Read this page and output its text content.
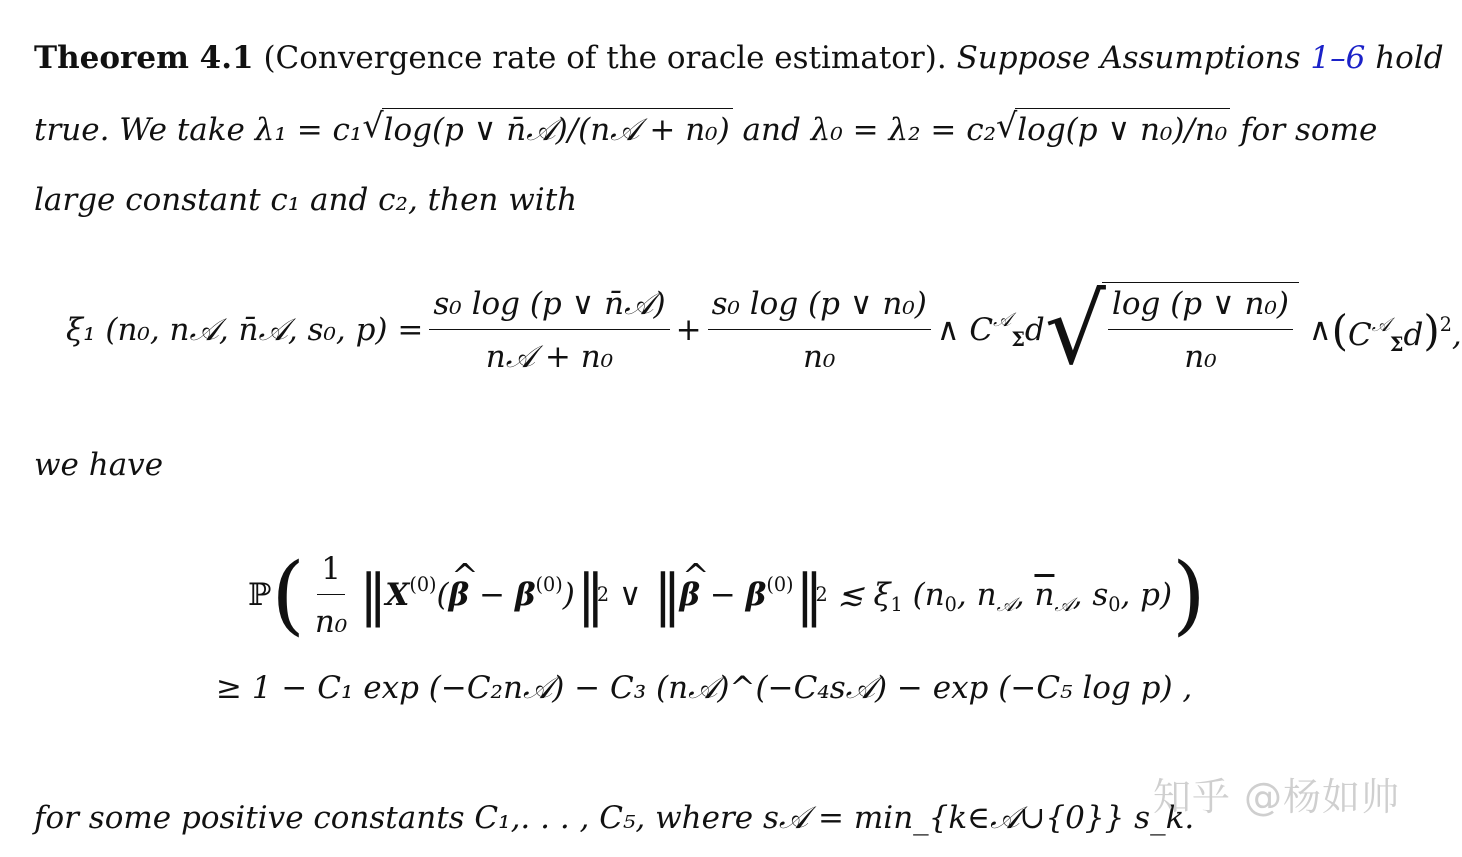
Theorem 4.1 (Convergence rate of the oracle estimator). Suppose Assumptions 1–6 hold
true. We take λ₁ = c₁ √ log(p ∨ n̄𝒜)/(n𝒜 + n₀) and λ₀ = λ₂ = c₂ √ log(p ∨ n₀)/n₀ for some
large constant c₁ and c₂, then with
ξ₁ (n₀, n𝒜, n̄𝒜, s₀, $p) = \frac{\text{s₀ log (p ∨ n̄𝒜)}}{\text{n𝒜 + n₀}} + \frac{\text{s₀ log (p ∨ n₀)}}{\text{n₀}}$ ∧ $C^𝒜_\Sigma d$ √ $\frac{\text{log (p ∨ n₀)}}{\text{n₀}}$ ∧ $(C^𝒜_\Sigma d)^2$,
we have
ℙ ( $\frac{1}{\text{n₀}}$ ‖ $X^{(0)}(\^{}$ $\beta - \beta^{(0)}$) ‖ 2 ∨ ‖ ^ $\beta - \beta^{(0)}$ ‖ 2 ≲ $\xi_1$ ($n_0$, $n_𝒜$, $\overline{n}_𝒜$, $s_0$, p) )
≥ 1 − C₁ exp (−C₂n𝒜) − C₃ (n𝒜)^(−C₄s𝒜) − exp (−C₅ log p) ,
for some positive constants C₁,. . . , C₅, where s𝒜 = min_{k∈𝒜∪{0}} s_k.
知乎 @杨如帅
